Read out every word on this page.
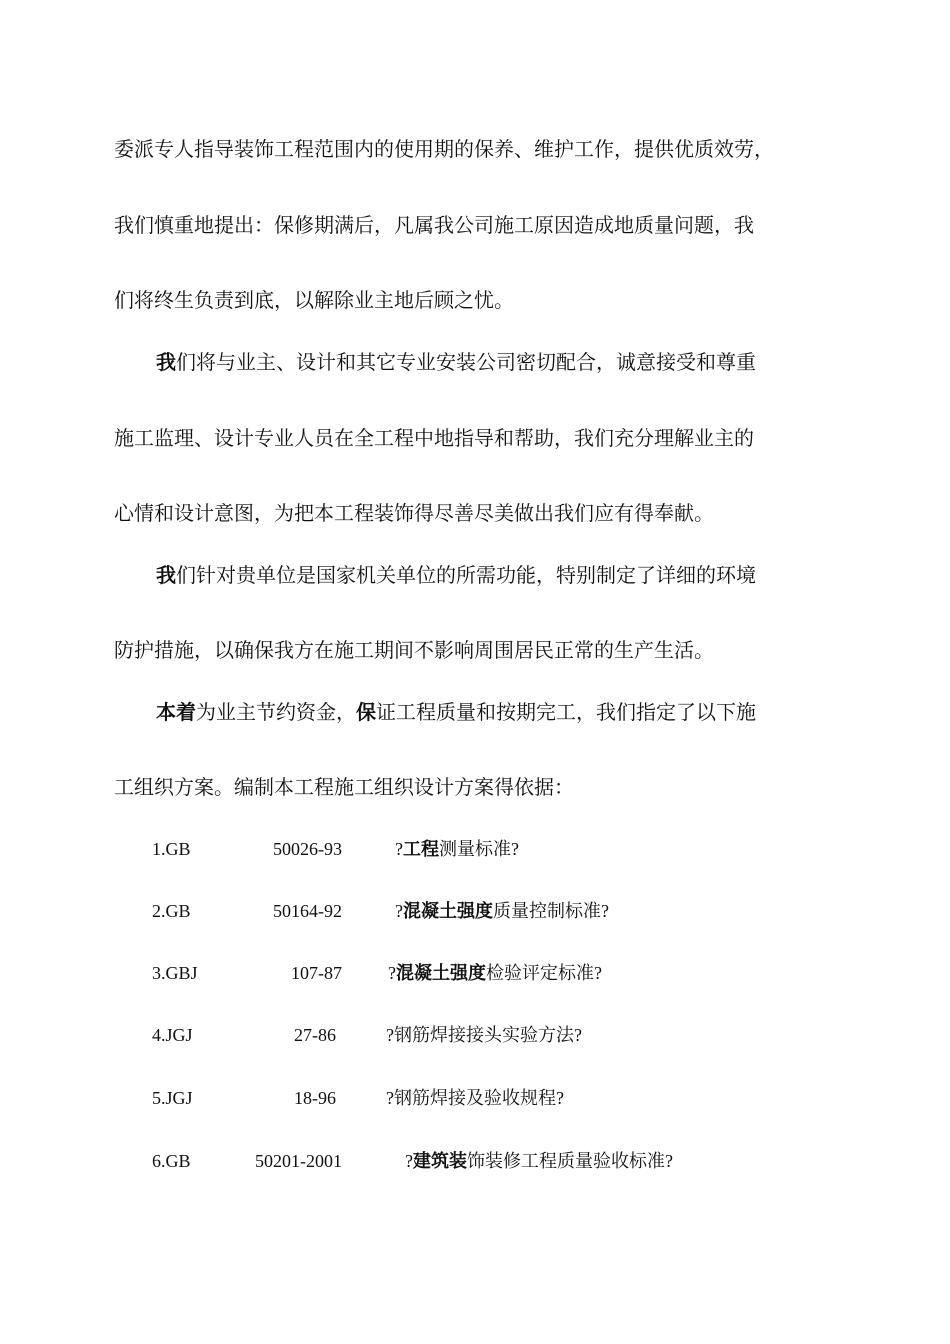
委派专人指导装饰工程范围内的使用期的保养、维护工作，提供优质效劳，

我们慎重地提出：保修期满后，凡属我公司施工原因造成地质量问题，我

们将终生负责到底，以解除业主地后顾之忧。

我们将与业主、设计和其它专业安装公司密切配合，诚意接受和尊重

施工监理、设计专业人员在全工程中地指导和帮助，我们充分理解业主的

心情和设计意图，为把本工程装饰得尽善尽美做出我们应有得奉献。

我们针对贵单位是国家机关单位的所需功能，特别制定了详细的环境

防护措施，以确保我方在施工期间不影响周围居民正常的生产生活。

本着为业主节约资金，保证工程质量和按期完工，我们指定了以下施

工组织方案。编制本工程施工组织设计方案得依据：

1.GB	50026-93	?工程测量标准?
2.GB	50164-92	?混凝土强度质量控制标准?
3.GBJ	107-87	?混凝土强度检验评定标准?
4.JGJ	27-86	?钢筋焊接接头实验方法?
5.JGJ	18-96	?钢筋焊接及验收规程?
6.GB	50201-2001	?建筑装饰装修工程质量验收标准?
